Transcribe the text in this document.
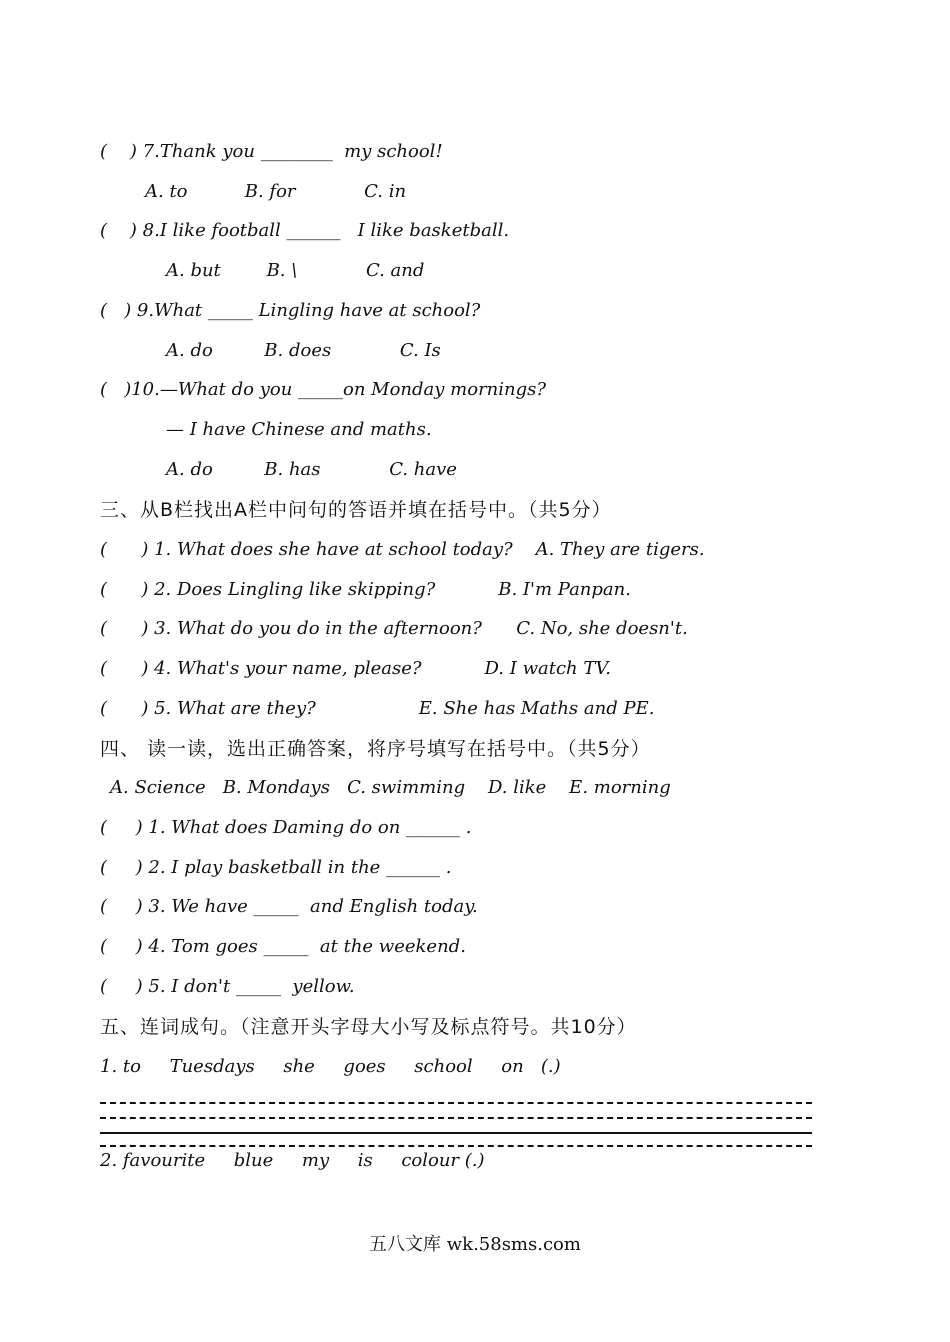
(    ) 7.Thank you ________  my school!
A. to          B. for            C. in
(    ) 8.I like football ______   I like basketball.
A. but        B. \            C. and
(   ) 9.What _____ Lingling have at school?
A. do         B. does            C. Is
(   )10.—What do you _____on Monday mornings?
— I have Chinese and maths.
A. do         B. has            C. have
三、从B栏找出A栏中问句的答语并填在括号中。（共5分）
(      ) 1. What does she have at school today?    A. They are tigers.
(      ) 2. Does Lingling like skipping?           B. I'm Panpan.
(      ) 3. What do you do in the afternoon?      C. No, she doesn't.
(      ) 4. What's your name, please?           D. I watch TV.
(      ) 5. What are they?                  E. She has Maths and PE.
四、 读一读，选出正确答案，将序号填写在括号中。（共5分）
A. Science   B. Mondays   C. swimming    D. like    E. morning
(     ) 1. What does Daming do on ______ .
(     ) 2. I play basketball in the ______ .
(     ) 3. We have _____  and English today.
(     ) 4. Tom goes _____  at the weekend.
(     ) 5. I don't _____  yellow.
五、连词成句。（注意开头字母大小写及标点符号。共10分）
1. to     Tuesdays     she     goes     school     on   (.)
2. favourite     blue     my     is     colour (.)
五八文库 wk.58sms.com
